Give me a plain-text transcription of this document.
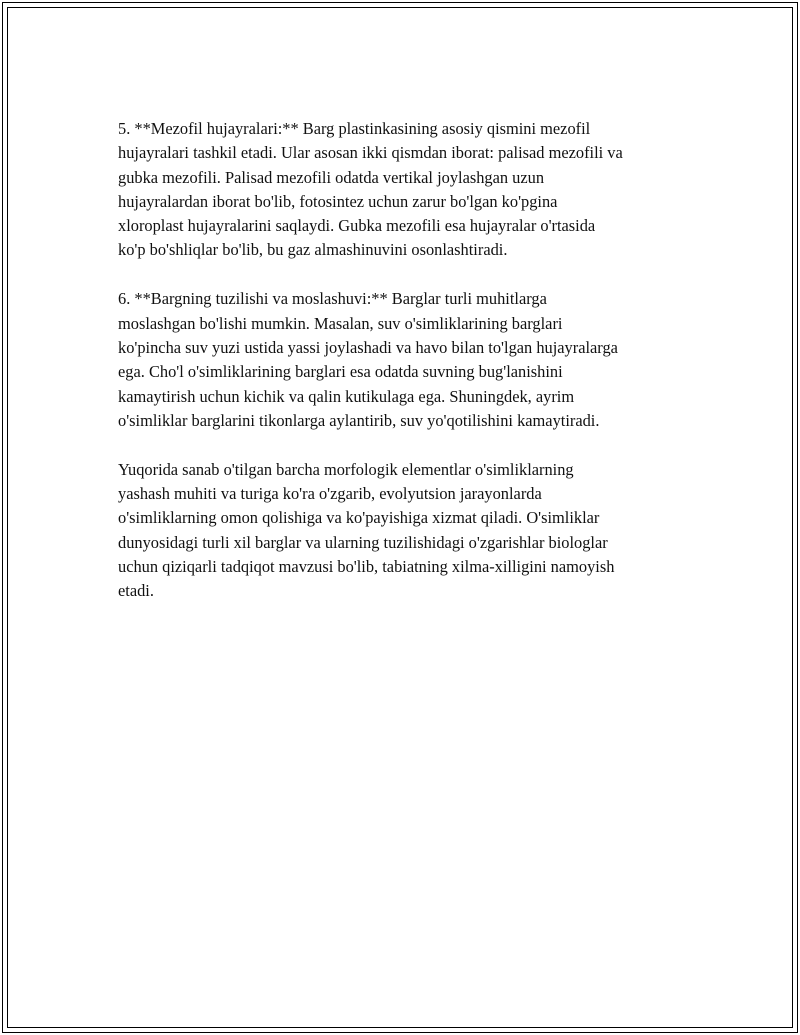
5. **Mezofil hujayralari:** Barg plastinkasining asosiy qismini mezofil
hujayralari tashkil etadi. Ular asosan ikki qismdan iborat: palisad mezofili va
gubka mezofili. Palisad mezofili odatda vertikal joylashgan uzun
hujayralardan iborat bo'lib, fotosintez uchun zarur bo'lgan ko'pgina
xloroplast hujayralarini saqlaydi. Gubka mezofili esa hujayralar o'rtasida
ko'p bo'shliqlar bo'lib, bu gaz almashinuvini osonlashtiradi.

6. **Bargning tuzilishi va moslashuvi:** Barglar turli muhitlarga
moslashgan bo'lishi mumkin. Masalan, suv o'simliklarining barglari
ko'pincha suv yuzi ustida yassi joylashadi va havo bilan to'lgan hujayralarga
ega. Cho'l o'simliklarining barglari esa odatda suvning bug'lanishini
kamaytirish uchun kichik va qalin kutikulaga ega. Shuningdek, ayrim
o'simliklar barglarini tikonlarga aylantirib, suv yo'qotilishini kamaytiradi.

Yuqorida sanab o'tilgan barcha morfologik elementlar o'simliklarning
yashash muhiti va turiga ko'ra o'zgarib, evolyutsion jarayonlarda
o'simliklarning omon qolishiga va ko'payishiga xizmat qiladi. O'simliklar
dunyosidagi turli xil barglar va ularning tuzilishidagi o'zgarishlar biologlar
uchun qiziqarli tadqiqot mavzusi bo'lib, tabiatning xilma-xilligini namoyish
etadi.
